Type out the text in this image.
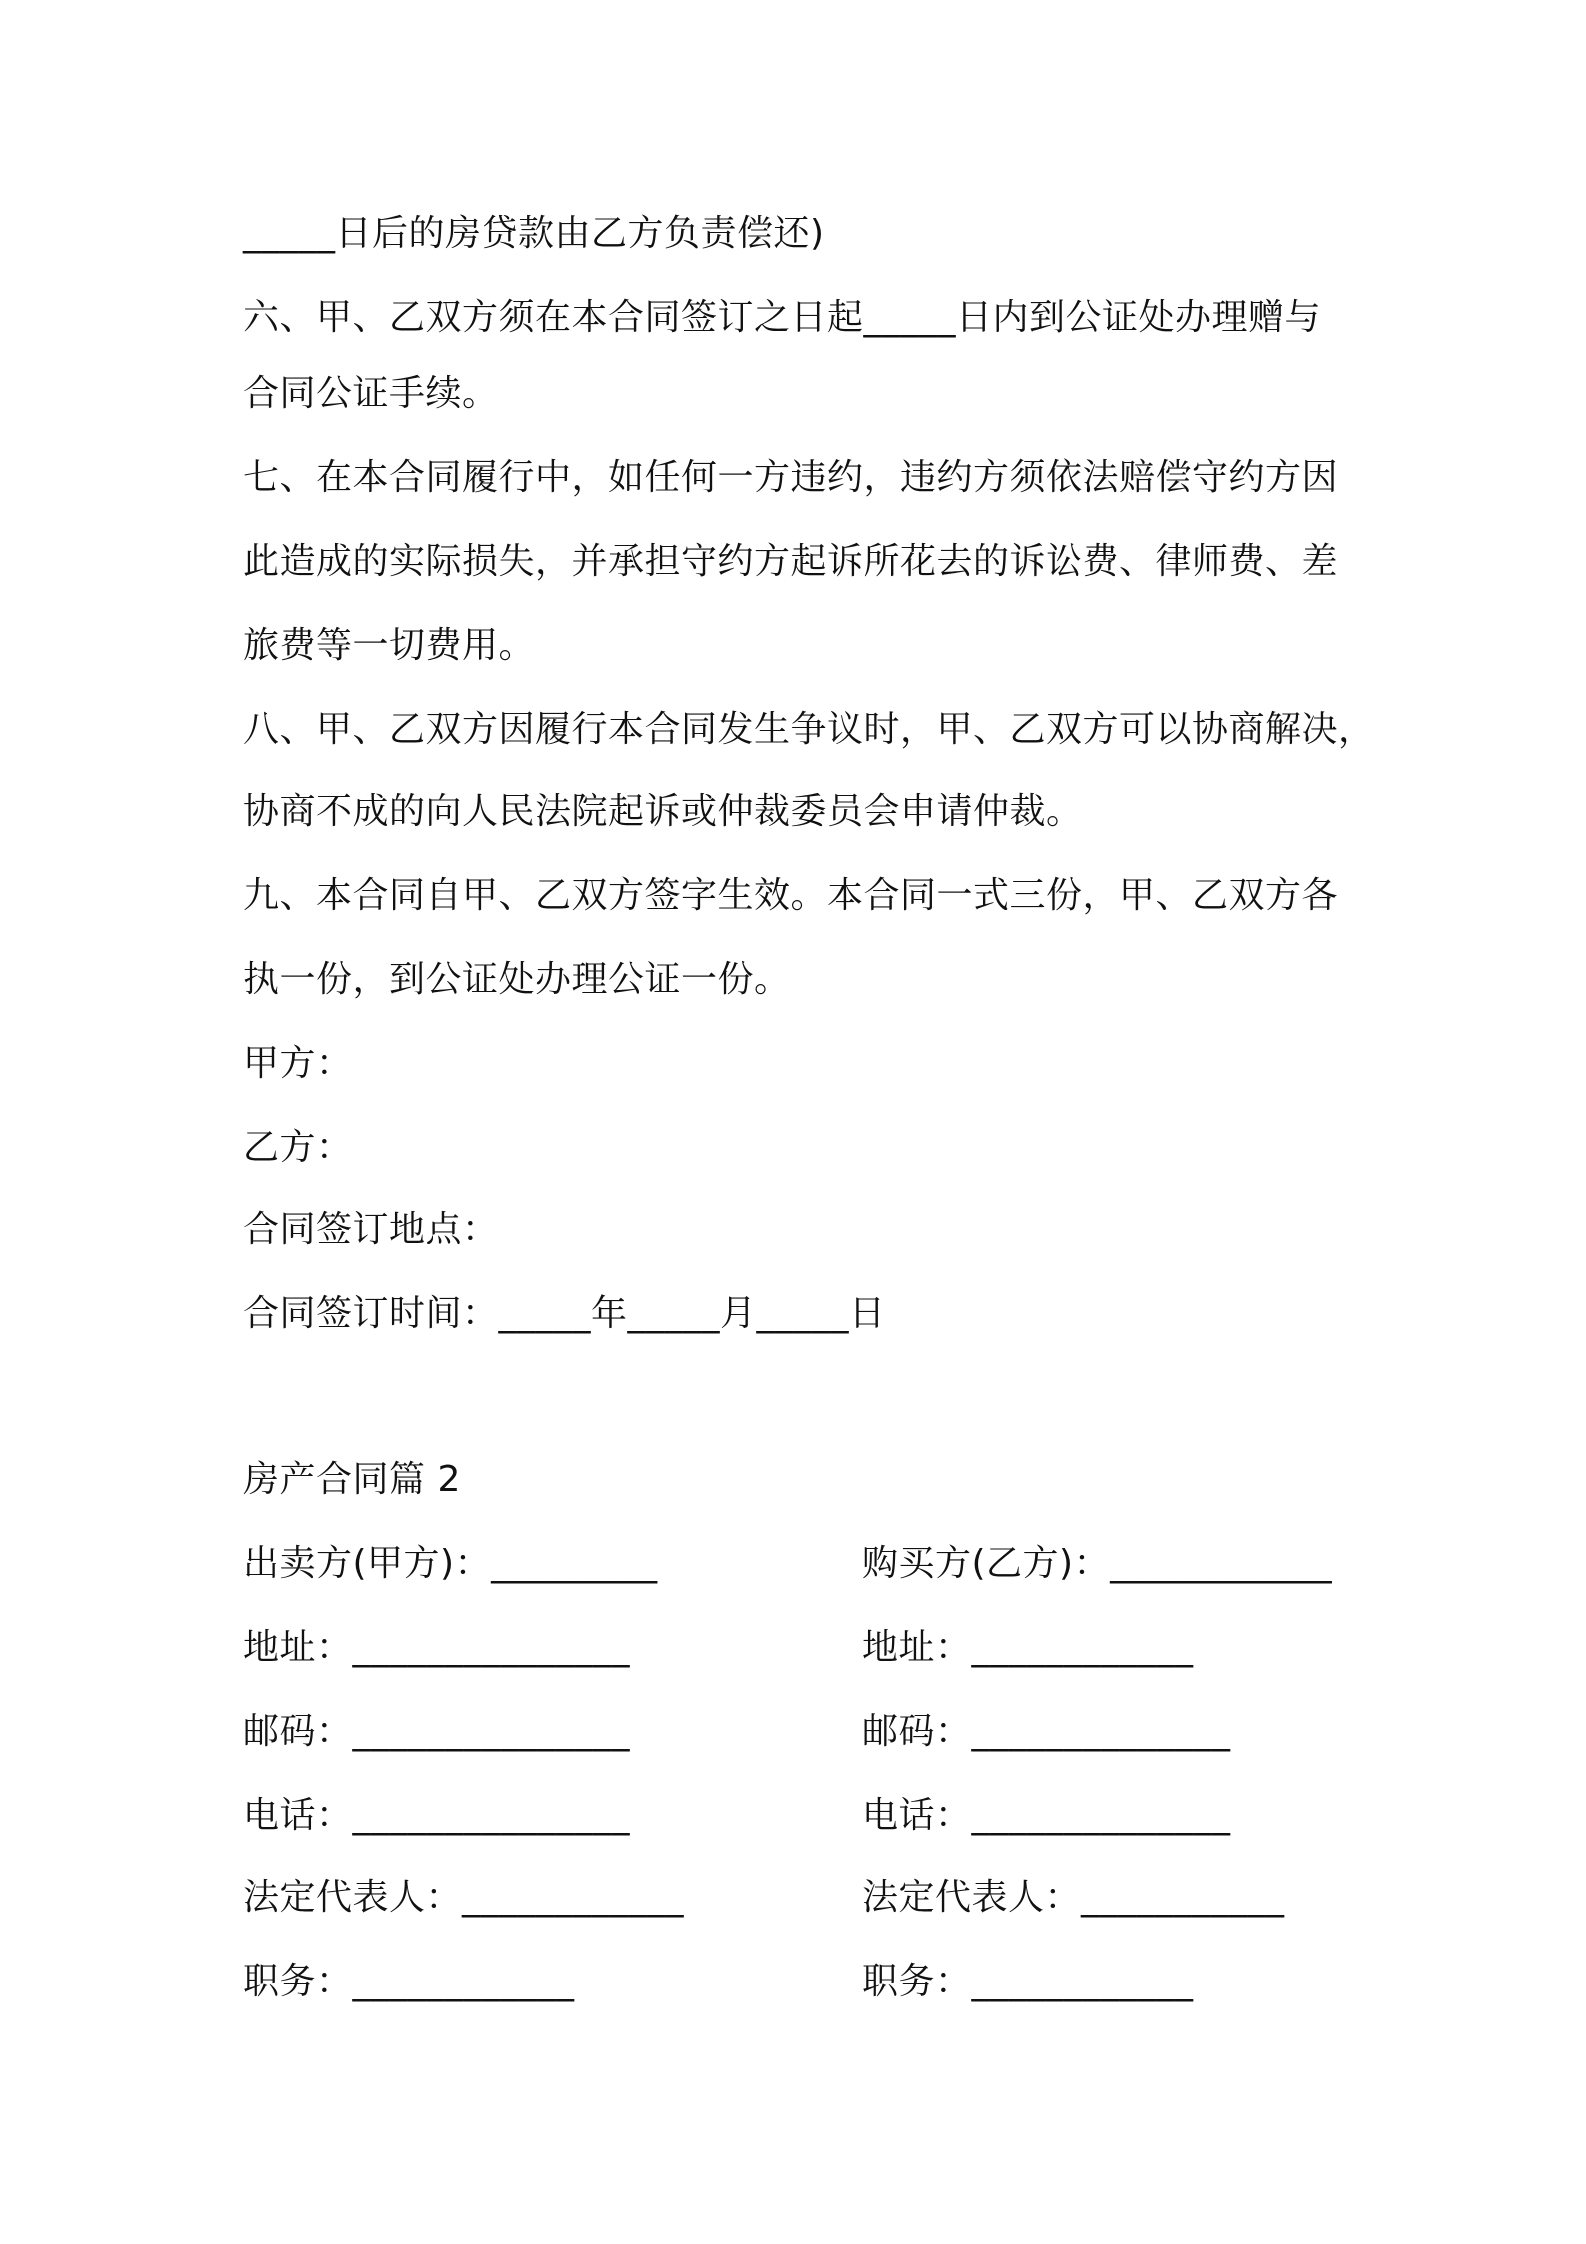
_____日后的房贷款由乙方负责偿还)
六、甲、乙双方须在本合同签订之日起_____日内到公证处办理赠与
合同公证手续。
七、在本合同履行中，如任何一方违约，违约方须依法赔偿守约方因
此造成的实际损失，并承担守约方起诉所花去的诉讼费、律师费、差
旅费等一切费用。
八、甲、乙双方因履行本合同发生争议时，甲、乙双方可以协商解决，
协商不成的向人民法院起诉或仲裁委员会申请仲裁。
九、本合同自甲、乙双方签字生效。本合同一式三份，甲、乙双方各
执一份，到公证处办理公证一份。
甲方：
乙方：
合同签订地点：
合同签订时间：_____年_____月_____日
房产合同篇 2
出卖方(甲方)：_________	购买方(乙方)：____________
地址：_______________	地址：____________
邮码：_______________	邮码：______________
电话：_______________	电话：______________
法定代表人：____________	法定代表人：___________
职务：____________	职务：____________
